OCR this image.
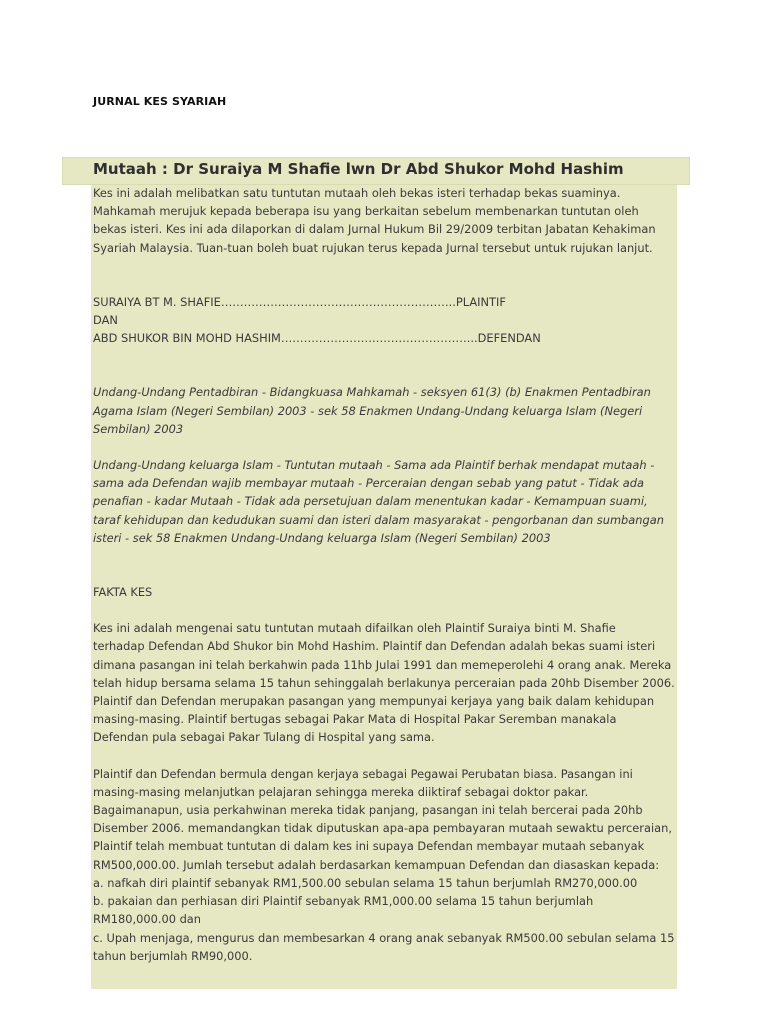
JURNAL KES SYARIAH
Mutaah : Dr Suraiya M Shafie lwn Dr Abd Shukor Mohd Hashim

Kes ini adalah melibatkan satu tuntutan mutaah oleh bekas isteri terhadap bekas suaminya.
Mahkamah merujuk kepada beberapa isu yang berkaitan sebelum membenarkan tuntutan oleh
bekas isteri. Kes ini ada dilaporkan di dalam Jurnal Hukum Bil 29/2009 terbitan Jabatan Kehakiman
Syariah Malaysia. Tuan-tuan boleh buat rujukan terus kepada Jurnal tersebut untuk rujukan lanjut.

SURAIYA BT M. SHAFIE……………………………………………………..PLAINTIF

DAN

ABD SHUKOR BIN MOHD HASHIM…………………….……………………...DEFENDAN

Undang-Undang Pentadbiran - Bidangkuasa Mahkamah - seksyen 61(3) (b) Enakmen Pentadbiran
Agama Islam (Negeri Sembilan) 2003 - sek 58 Enakmen Undang-Undang keluarga Islam (Negeri
Sembilan) 2003

Undang-Undang keluarga Islam - Tuntutan mutaah - Sama ada Plaintif berhak mendapat mutaah -
sama ada Defendan wajib membayar mutaah - Perceraian dengan sebab yang patut - Tidak ada
penafian - kadar Mutaah - Tidak ada persetujuan dalam menentukan kadar - Kemampuan suami,
taraf kehidupan dan kedudukan suami dan isteri dalam masyarakat - pengorbanan dan sumbangan
isteri - sek 58 Enakmen Undang-Undang keluarga Islam (Negeri Sembilan) 2003

FAKTA KES

Kes ini adalah mengenai satu tuntutan mutaah difailkan oleh Plaintif Suraiya binti M. Shafie
terhadap Defendan Abd Shukor bin Mohd Hashim. Plaintif dan Defendan adalah bekas suami isteri
dimana pasangan ini telah berkahwin pada 11hb Julai 1991 dan memeperolehi 4 orang anak. Mereka
telah hidup bersama selama 15 tahun sehinggalah berlakunya perceraian pada 20hb Disember 2006.
Plaintif dan Defendan merupakan pasangan yang mempunyai kerjaya yang baik dalam kehidupan
masing-masing. Plaintif bertugas sebagai Pakar Mata di Hospital Pakar Seremban manakala
Defendan pula sebagai Pakar Tulang di Hospital yang sama.

Plaintif dan Defendan bermula dengan kerjaya sebagai Pegawai Perubatan biasa. Pasangan ini
masing-masing melanjutkan pelajaran sehingga mereka diiktiraf sebagai doktor pakar.
Bagaimanapun, usia perkahwinan mereka tidak panjang, pasangan ini telah bercerai pada 20hb
Disember 2006. memandangkan tidak diputuskan apa-apa pembayaran mutaah sewaktu perceraian,
Plaintif telah membuat tuntutan di dalam kes ini supaya Defendan membayar mutaah sebanyak
RM500,000.00. Jumlah tersebut adalah berdasarkan kemampuan Defendan dan diasaskan kepada:
a. nafkah diri plaintif sebanyak RM1,500.00 sebulan selama 15 tahun berjumlah RM270,000.00
b. pakaian dan perhiasan diri Plaintif sebanyak RM1,000.00 selama 15 tahun berjumlah
RM180,000.00 dan
c. Upah menjaga, mengurus dan membesarkan 4 orang anak sebanyak RM500.00 sebulan selama 15
tahun berjumlah RM90,000.
